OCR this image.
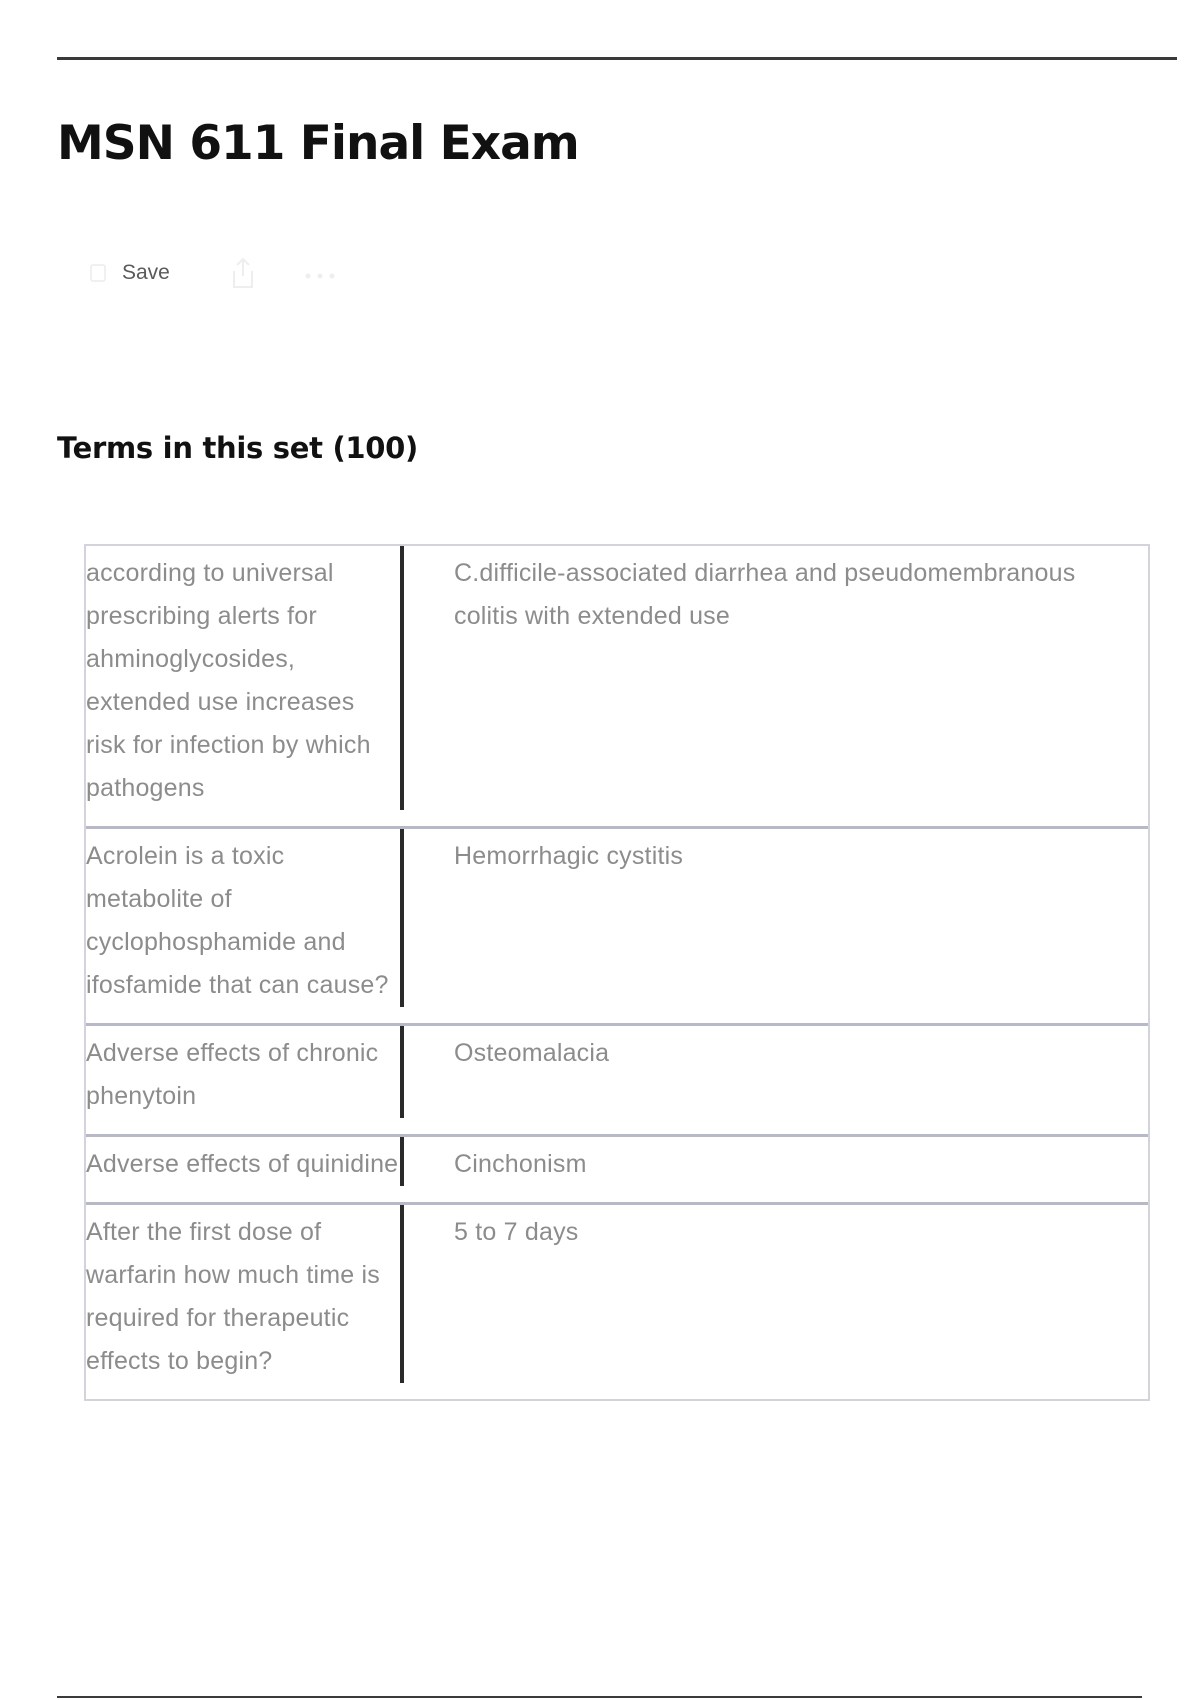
MSN 611 Final Exam
Save
Terms in this set (100)
according to universal prescribing alerts for ahminoglycosides, extended use increases risk for infection by which pathogens
C.difficile-associated diarrhea and pseudomembranous colitis with extended use
Acrolein is a toxic metabolite of cyclophosphamide and ifosfamide that can cause?
Hemorrhagic cystitis
Adverse effects of chronic phenytoin
Osteomalacia
Adverse effects of quinidine	Cinchonism
After the first dose of warfarin how much time is required for therapeutic effects to begin?
5 to 7 days
